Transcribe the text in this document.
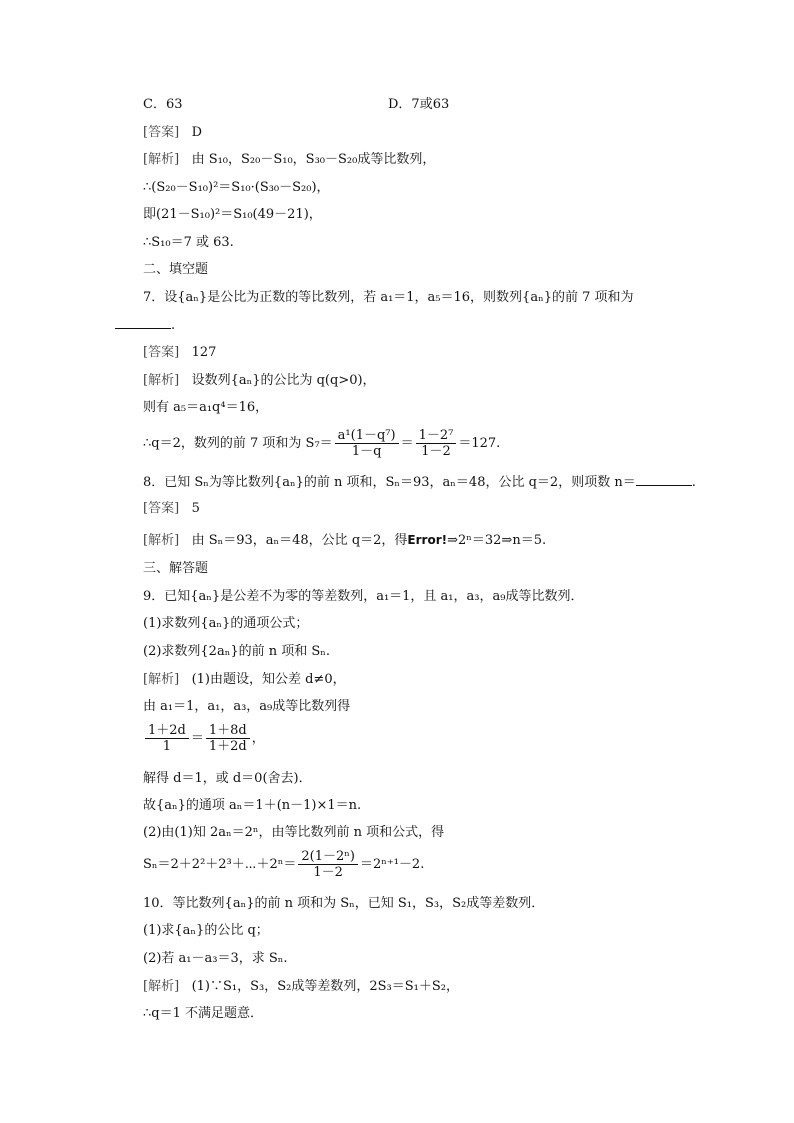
C．63	D．7或63
[答案] D
[解析] 由 S₁₀，S₂₀－S₁₀，S₃₀－S₂₀成等比数列，
∴(S₂₀－S₁₀)²＝S₁₀·(S₃₀－S₂₀)，
即(21－S₁₀)²＝S₁₀(49－21)，
∴S₁₀＝7 或 63.
二、填空题
7．设{aₙ}是公比为正数的等比数列，若 a₁＝1，a₅＝16，则数列{aₙ}的前 7 项和为
.
[答案] 127
[解析] 设数列{aₙ}的公比为 q(q>0)，
则有 a₅＝a₁q⁴＝16，
∴q＝2，数列的前 7 项和为 $S_7= \frac{\text{a¹(1－q⁷)}}{1-q} = \frac{\text{1－2⁷}}{1-2} =127$.
8．已知 Sₙ为等比数列{aₙ}的前 n 项和，Sₙ＝93，aₙ＝48，公比 q＝2，则项数 n＝	.
[答案] 5
[解析] 由 Sₙ＝93，aₙ＝48，公比 q＝2，得Error!⇒2ⁿ＝32⇒n＝5.
三、解答题
9．已知{aₙ}是公差不为零的等差数列，a₁＝1，且 a₁，a₃，a₉成等比数列．
(1)求数列{aₙ}的通项公式；
(2)求数列{2aₙ}的前 n 项和 Sₙ.
[解析] (1)由题设，知公差 d≠0，
由 a₁＝1，a₁，a₃，a₉成等比数列得
$\frac{1+2d}{1} = \frac{1+8d}{1+2d}$ ，
解得 d＝1，或 d＝0(舍去)．
故{aₙ}的通项 aₙ＝1＋(n－1)×1＝n.
(2)由(1)知 2aₙ＝2ⁿ，由等比数列前 n 项和公式，得
Sₙ＝2＋2²＋2³＋⋯＋2ⁿ＝ $\frac{\text{2(1－2ⁿ)}}{1-2} =2^{n+1}-2$.
10．等比数列{aₙ}的前 n 项和为 Sₙ，已知 S₁，S₃，S₂成等差数列．
(1)求{aₙ}的公比 q；
(2)若 a₁－a₃＝3，求 Sₙ.
[解析] (1)∵S₁，S₃，S₂成等差数列，2S₃＝S₁＋S₂，
∴q＝1 不满足题意．
